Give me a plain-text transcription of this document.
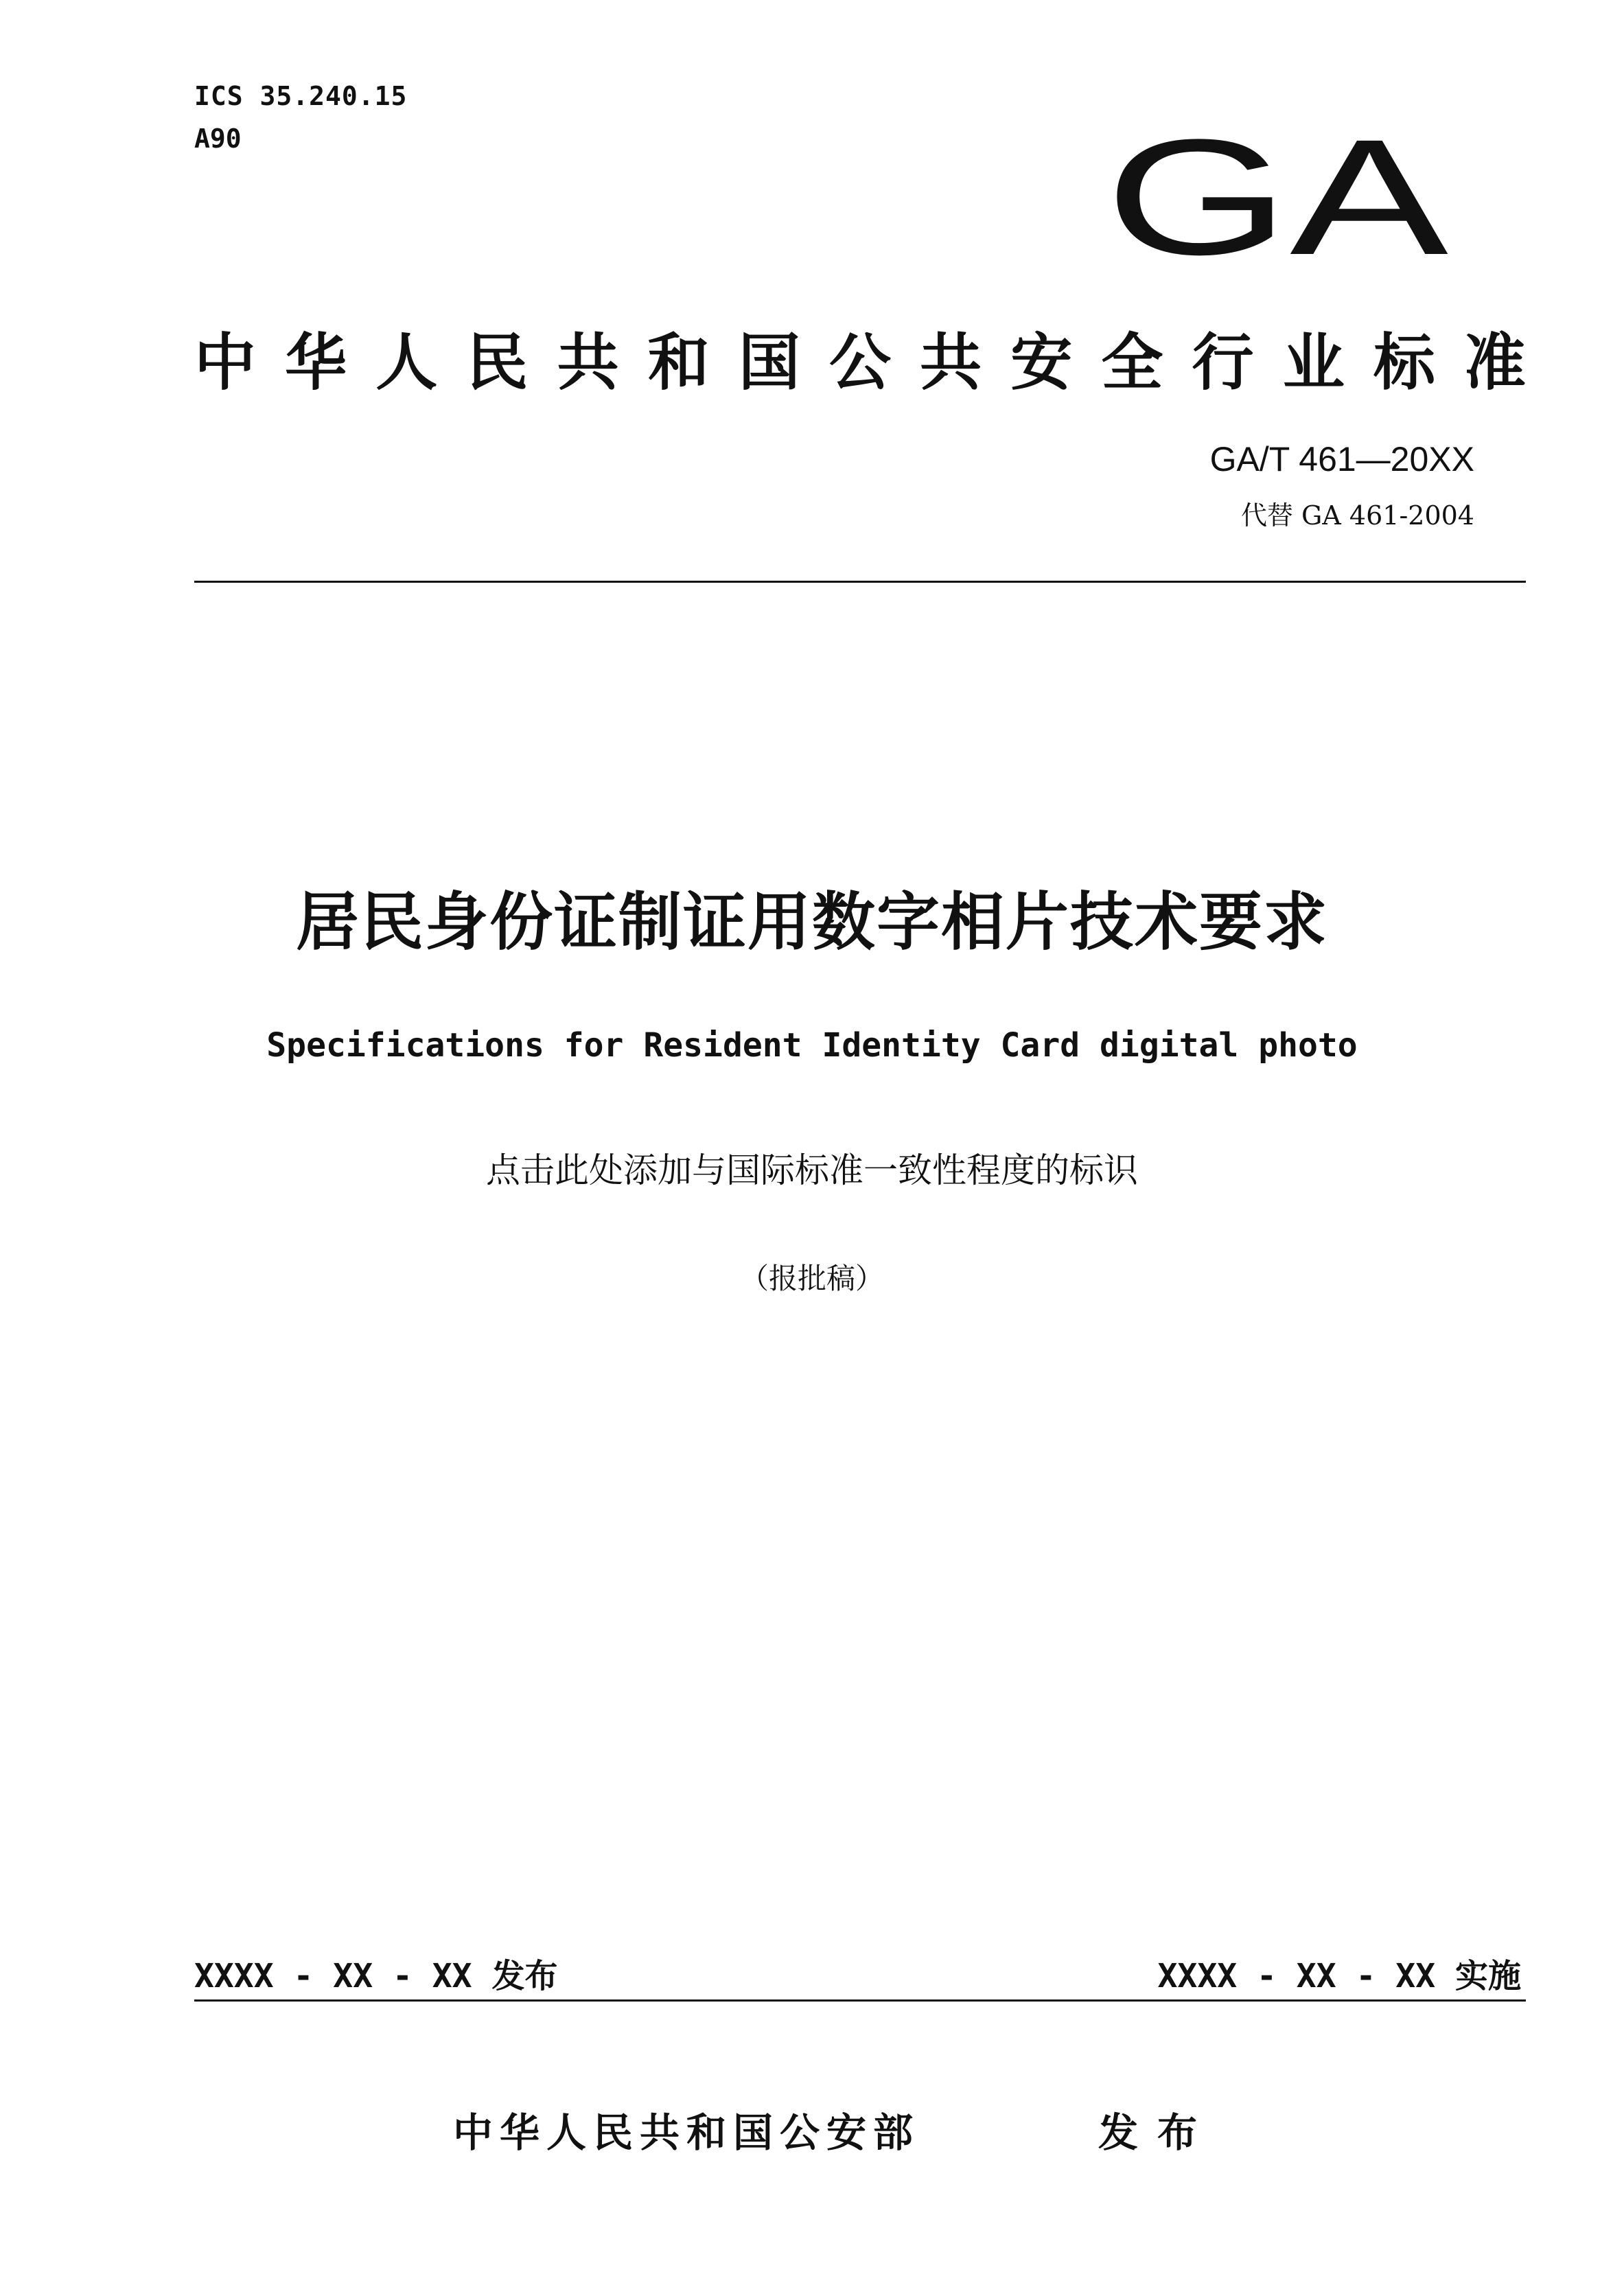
ICS 35.240.15
A90	GA
中 华 人 民 共 和 国 公 共 安 全 行 业 标 准
GA/T 461—20XX
代替 GA 461-2004
居民身份证制证用数字相片技术要求
Specifications for Resident Identity Card digital photo
点击此处添加与国际标准一致性程度的标识
（报批稿）
XXXX - XX - XX 发布	XXXX - XX - XX 实施
中华人民共和国公安部	发布
